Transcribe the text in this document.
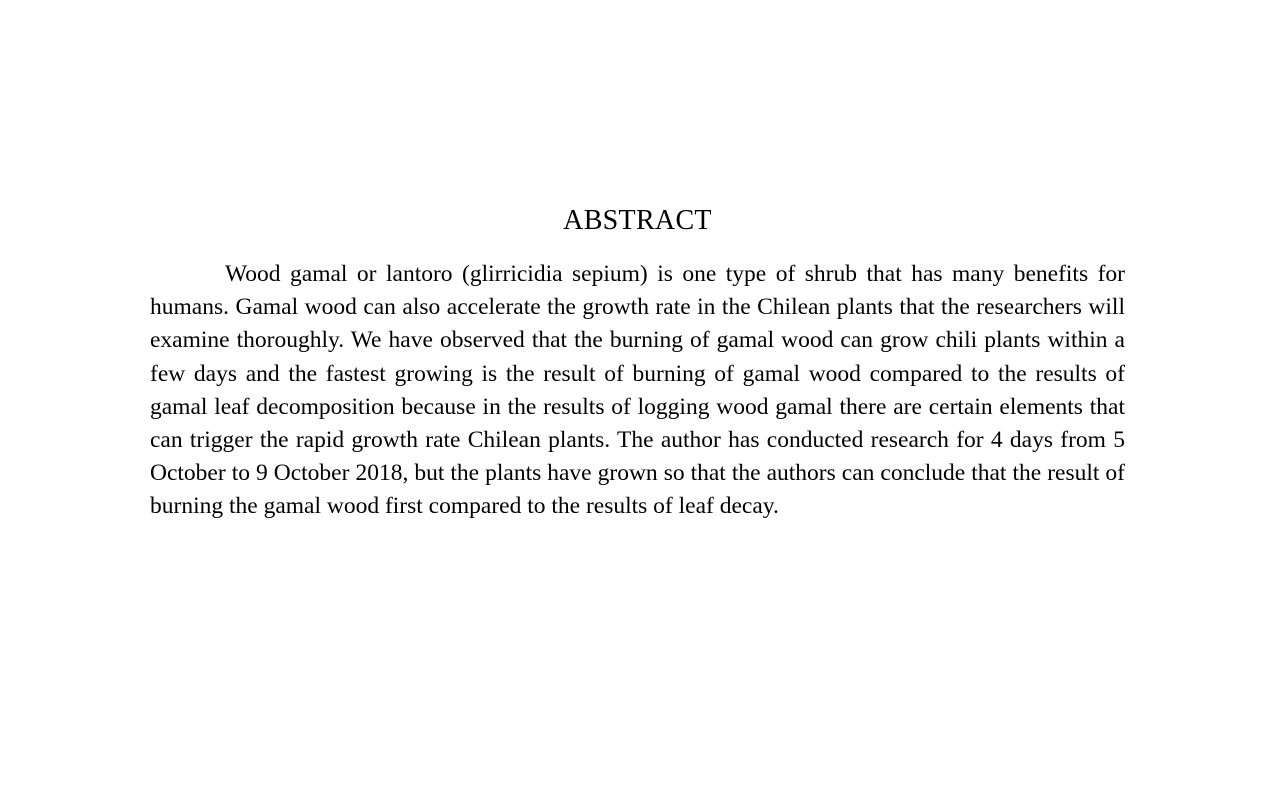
ABSTRACT

Wood gamal or lantoro (glirricidia sepium) is one type of shrub that has many benefits for humans. Gamal wood can also accelerate the growth rate in the Chilean plants that the researchers will examine thoroughly. We have observed that the burning of gamal wood can grow chili plants within a few days and the fastest growing is the result of burning of gamal wood compared to the results of gamal leaf decomposition because in the results of logging wood gamal there are certain elements that can trigger the rapid growth rate Chilean plants. The author has conducted research for 4 days from 5 October to 9 October 2018, but the plants have grown so that the authors can conclude that the result of burning the gamal wood first compared to the results of leaf decay.
